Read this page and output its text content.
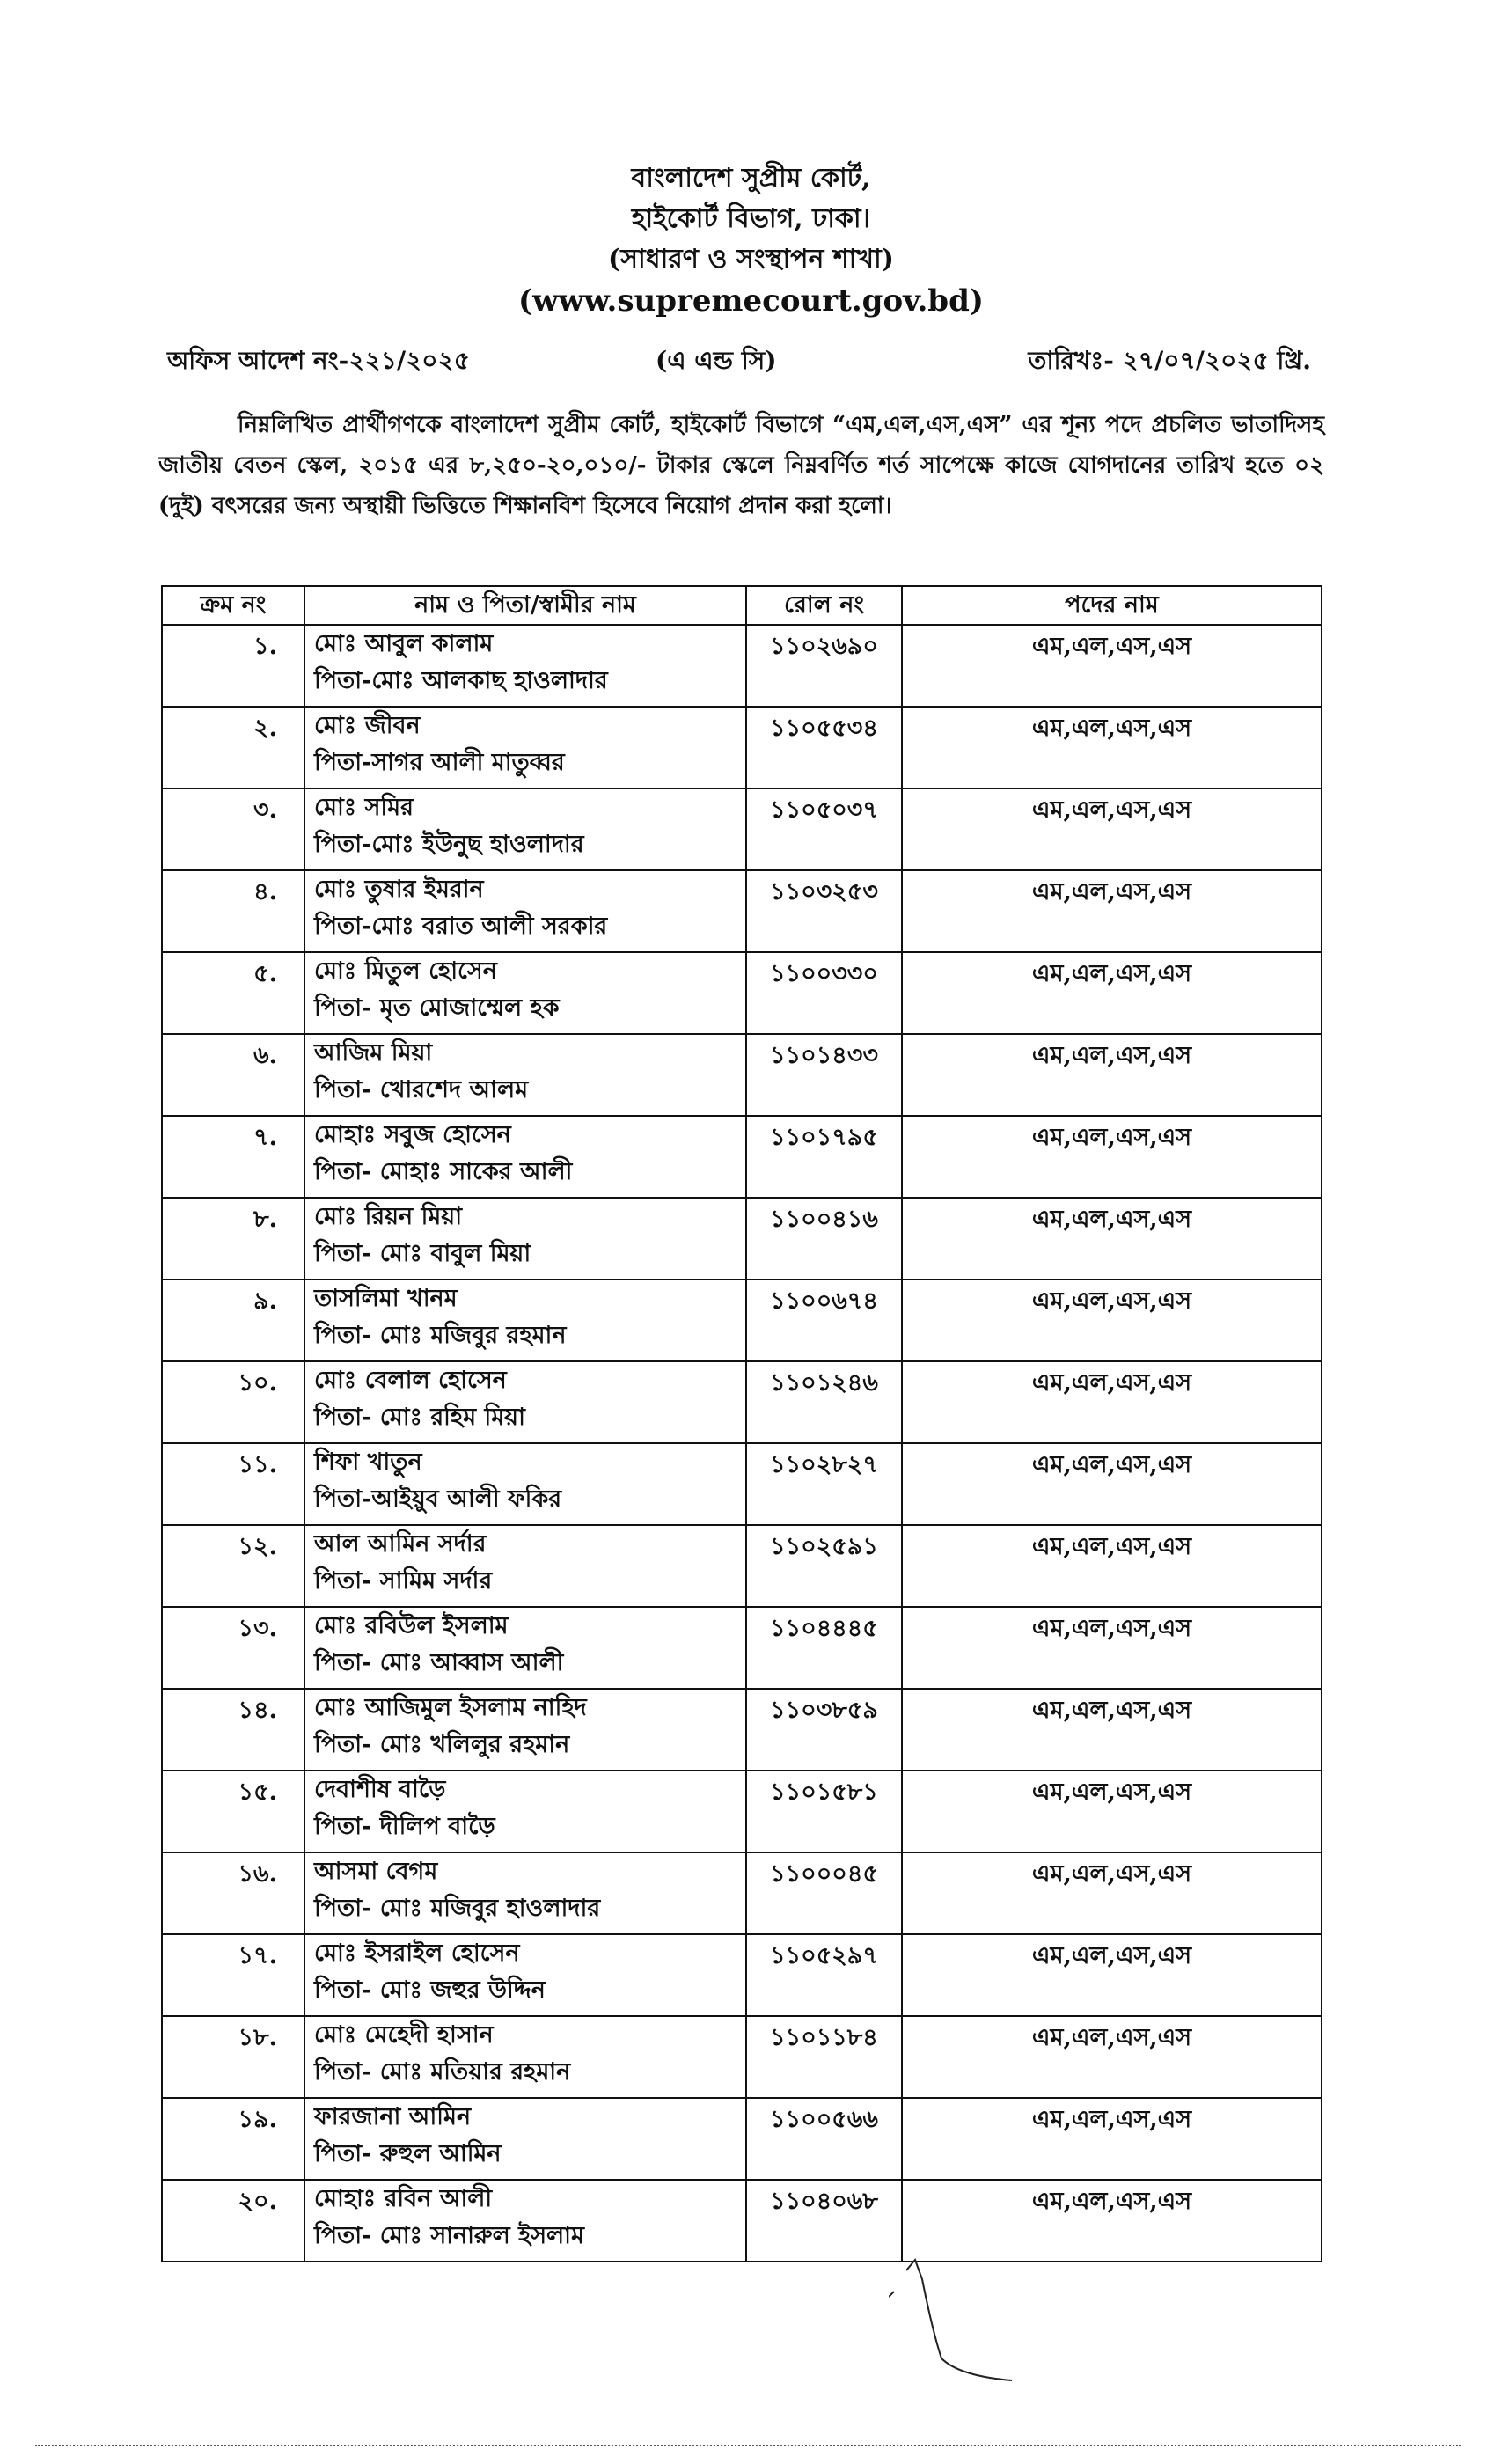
বাংলাদেশ সুপ্রীম কোর্ট,
হাইকোর্ট বিভাগ, ঢাকা।
(সাধারণ ও সংস্থাপন শাখা)
(www.supremecourt.gov.bd)
অফিস আদেশ নং-২২১/২০২৫	(এ এন্ড সি)	তারিখঃ- ২৭/০৭/২০২৫ খ্রি.
নিম্নলিখিত প্রার্থীগণকে বাংলাদেশ সুপ্রীম কোর্ট, হাইকোর্ট বিভাগে “এম,এল,এস,এস” এর শূন্য পদে প্রচলিত ভাতাদিসহ জাতীয় বেতন স্কেল, ২০১৫ এর ৮,২৫০-২০,০১০/- টাকার স্কেলে নিম্নবর্ণিত শর্ত সাপেক্ষে কাজে যোগদানের তারিখ হতে ০২ (দুই) বৎসরের জন্য অস্থায়ী ভিত্তিতে শিক্ষানবিশ হিসেবে নিয়োগ প্রদান করা হলো।
ক্রম নং	নাম ও পিতা/স্বামীর নাম	রোল নং	পদের নাম
১.	মোঃ আবুল কালাম
পিতা-মোঃ আলকাছ হাওলাদার	১১০২৬৯০	এম,এল,এস,এস
২.	মোঃ জীবন
পিতা-সাগর আলী মাতুব্বর	১১০৫৫৩৪	এম,এল,এস,এস
৩.	মোঃ সমির
পিতা-মোঃ ইউনুছ হাওলাদার	১১০৫০৩৭	এম,এল,এস,এস
৪.	মোঃ তুষার ইমরান
পিতা-মোঃ বরাত আলী সরকার	১১০৩২৫৩	এম,এল,এস,এস
৫.	মোঃ মিতুল হোসেন
পিতা- মৃত মোজাম্মেল হক	১১০০৩৩০	এম,এল,এস,এস
৬.	আজিম মিয়া
পিতা- খোরশেদ আলম	১১০১৪৩৩	এম,এল,এস,এস
৭.	মোহাঃ সবুজ হোসেন
পিতা- মোহাঃ সাকের আলী	১১০১৭৯৫	এম,এল,এস,এস
৮.	মোঃ রিয়ন মিয়া
পিতা- মোঃ বাবুল মিয়া	১১০০৪১৬	এম,এল,এস,এস
৯.	তাসলিমা খানম
পিতা- মোঃ মজিবুর রহমান	১১০০৬৭৪	এম,এল,এস,এস
১০.	মোঃ বেলাল হোসেন
পিতা- মোঃ রহিম মিয়া	১১০১২৪৬	এম,এল,এস,এস
১১.	শিফা খাতুন
পিতা-আইয়ুব আলী ফকির	১১০২৮২৭	এম,এল,এস,এস
১২.	আল আমিন সর্দার
পিতা- সামিম সর্দার	১১০২৫৯১	এম,এল,এস,এস
১৩.	মোঃ রবিউল ইসলাম
পিতা- মোঃ আব্বাস আলী	১১০৪৪৪৫	এম,এল,এস,এস
১৪.	মোঃ আজিমুল ইসলাম নাহিদ
পিতা- মোঃ খলিলুর রহমান	১১০৩৮৫৯	এম,এল,এস,এস
১৫.	দেবাশীষ বাড়ৈ
পিতা- দীলিপ বাড়ৈ	১১০১৫৮১	এম,এল,এস,এস
১৬.	আসমা বেগম
পিতা- মোঃ মজিবুর হাওলাদার	১১০০০৪৫	এম,এল,এস,এস
১৭.	মোঃ ইসরাইল হোসেন
পিতা- মোঃ জহুর উদ্দিন	১১০৫২৯৭	এম,এল,এস,এস
১৮.	মোঃ মেহেদী হাসান
পিতা- মোঃ মতিয়ার রহমান	১১০১১৮৪	এম,এল,এস,এস
১৯.	ফারজানা আমিন
পিতা- রুহুল আমিন	১১০০৫৬৬	এম,এল,এস,এস
২০.	মোহাঃ রবিন আলী
পিতা- মোঃ সানারুল ইসলাম	১১০৪০৬৮	এম,এল,এস,এস
